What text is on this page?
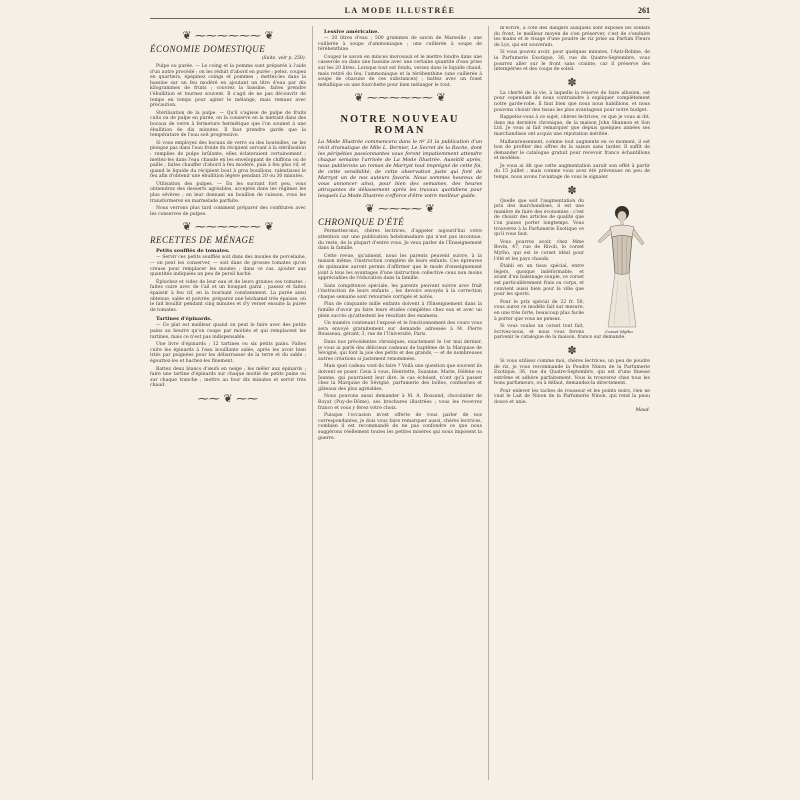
LA MODE ILLUSTRÉE	261
❦ ⁓⁓⁓⁓⁓⁓ ❦
ÉCONOMIE DOMESTIQUE
(Suite, voir p. 250).

Pulpe ou purée. — Le coing et la pomme sont préparés à l'aide d'un autre procédé : on les réduit d'abord en purée ; pelez, coupez en quartiers, épépinez coings et pommes ; mettez-les dans la bassine sur un feu modéré en ajoutant un litre d'eau par dix kilogrammes de fruits ; couvrez la bassine, faites prendre l'ébullition et tournez souvent. Il s'agit de ne pas découvrir de temps en temps pour agiter le mélange, mais remuez avec précaution.

Stérilisation de la pulpe. — Qu'il s'agisse de pulpe de fruits cuits ou de pulpe en purée, on la conserve en la mettant dans des bocaux de verre à fermeture hermétique que l'on soumet à une ébullition de dix minutes. Il faut prendre garde que la température de l'eau soit progressive.

Si vous employez des bocaux de verre ou des bouteilles, ne les plongez pas dans l'eau froide du récipient servant à la stérilisation : remplies de pulpe brûlante, elles éclateraient certainement ; mettez-les dans l'eau chaude en les enveloppant de chiffons ou de paille ; faites chauffer d'abord à feu modéré, puis à feu plus vif, et quand le liquide du récipient bout à gros bouillons, ralentissez le feu afin d'obtenir une ébullition légère pendant 20 ou 30 minutes.

Utilisation des pulpes. — En les sucrant fort peu, vous obtiendrez des desserts agréables, acceptés dans les régimes les plus sévères ; en leur donnant un bouillon de cuisson, vous les transformerez en marmelade parfaite.

Nous verrons plus tard comment préparer des confitures avec les conserves de pulpes.

❦ ⁓⁓⁓⁓⁓⁓ ❦
RECETTES DE MÉNAGE
Petits soufflés de tomates.

— Servir ces petits soufflés soit dans des moules de porcelaine, — on peut les conserver, — soit dans de grosses tomates qu'on creuse pour remplacer les moules ; dans ce cas, ajouter aux quantités indiquées un peu de persil haché.

Épluchez et videz de leur eau et de leurs graines ces tomates ; faites cuire avec de l'ail et un bouquet garni ; passez et faites épaissir à feu vif, en la tournant constamment. La purée ainsi obtenue, salée et poivrée, préparez une béchamel très épaisse, où le fait bouillir pendant cinq minutes et d'y verser ensuite la purée de tomates.

Tartines d'épinards.

— Ce plat est meilleur quand on peut le faire avec des petits pains au beurre qu'on coupe par moitiés et qui remplacent les tartines, mais ce n'est pas indispensable.

Une livre d'épinards ; 12 tartines ou six petits pains. Faites cuire les épinards à l'eau bouillante salée, après les avoir bien triés par poignées pour les débarrasser de la terre et du sable ; égouttez-les et hachez-les finement.

Battez deux blancs d'œufs en neige ; les mêler aux épinards ; faire une tartine d'épinards sur chaque moitié de petits pains ou sur chaque tranche ; mettre au four dix minutes et servir très chaud.

⁓⁓ ❦ ⁓⁓
Lessive américaine.

— 20 litres d'eau ; 500 grammes de savon de Marseille ; une cuillerée à soupe d'ammoniaque ; une cuillerée à soupe de térébenthine.

Coupez le savon en minces morceaux et le mettre fondre dans une casserole ou dans une bassine avec une certaine quantité d'eau prise sur les 20 litres. Lorsque tout est fondu, versez dans le liquide chaud, mais retiré du feu, l'ammoniaque et la térébenthine (une cuillerée à soupe de chacune de ces substances) ; battez avec un fouet métallique ou une fourchette pour bien mélanger le tout.

❦ ⁓⁓⁓⁓⁓⁓ ❦
NOTRE NOUVEAU ROMAN

La Mode Illustrée commencera dans le nº 31 la publication d'un récit dramatique de Mlle L. Bernier, Le Secret de la Roche, dont les péripéties passionnantes vous feront impatiemment attendre chaque semaine l'arrivée de La Mode Illustrée. Aussitôt après, nous publierons un roman de Marryst tout imprégné de cette foi, de cette sensibilité, de cette observation juste qui font de Marryst un de nos auteurs favoris. Nous sommes heureux de vous annoncer ainsi, pour bien des semaines, des heures attrayantes de délassement après les travaux quotidiens pour lesquels La Mode Illustrée s'efforce d'être votre meilleur guide.

❦ ⁓⁓⁓⁓ ❦
CHRONIQUE D'ÉTÉ

Permettez-moi, chères lectrices, d'appeler aujourd'hui votre attention sur une publication hebdomadaire qui n'est pas inconnue, du reste, de la plupart d'entre vous. Je veux parler de l'Enseignement dans la famille.

Cette revue, qu'aiment, nous les parents peuvent suivre, à la maison même, l'instruction complète de leurs enfants. Ces épreuves de quinzaine auront permis d'affirmer que le mode d'enseignement joint à tous les avantages d'une instruction collective ceux non moins appréciables de l'éducation dans la famille.

Sans compétence spéciale, les parents peuvent suivre avec fruit l'instruction de leurs enfants ; les devoirs envoyés à la correction chaque semaine sont retournés corrigés et notés.

Plus de cinquante mille enfants doivent à l'Enseignement dans la famille d'avoir pu faire leurs études complètes chez eux et avec un plein succès qu'attestent les résultats des examens.

Un numéro contenant l'exposé et le fonctionnement des cours vous sera envoyé gratuitement sur demande adressée à M. Pierre Rousseau, gérant, 3, rue de l'Université, Paris.

Dans nos précédentes chroniques, exactement le 1er mai dernier, je vous ai parlé des délicieux cadeaux de baptême de la Marquise de Sévigné, qui font la joie des petits et des grands, — et de nombreuses autres créations si justement renommées.

Mais quel cadeau vont-ils faire ? Voilà une question que souvent ils doivent se poser. Ceux à vous, Henriette, Suzanne, Marie, Hélène ou Jeanne, qui pourraient leur dire, le cas échéant, n'ont qu'à passer chez la Marquise de Sévigné, parfumerie des boîtes, confiseries et gâteaux des plus agréables.

Nous pouvons aussi demander à M. A. Bossand, chocolatier de Royat (Puy-de-Dôme), ses brochures illustrées ; vous les recevrez franco et vous y ferez votre choix.

Puisque l'occasion m'est offerte de vous parler de nos correspondantes, je dois vous faire remarquer aussi, chères lectrices, combien il est recommandé de ne pas confondre ce que nous suggérons réellement toutes les petites misères qui nous imposent la guerre.

m'écrire, à côté des dangers auxquels sont exposés les soldats du front, le meilleur moyen de s'en préserver, c'est de s'enduire les mains et le visage d'une poudre de riz prise au Parfum Fleurs de Lys, qui est souverain.

Si vous pouvez avoir, pour quelques minutes, l'Anti-Bobine, de la Parfumerie Exotique, 36, rue du Quatre-Septembre, vous pourrez aller sur le front sans crainte, car il préserve des intempéries et des coups de soleil.

✽

La cherté de la vie, à laquelle la réserve de faire allusion, est pour cependant de nous contraindre à expliquer complètement notre garde-robe. Il faut bien que nous nous habillions, et nous pouvons choisir des tissus les plus avantageux pour notre budget.

Rappelez-vous à ce sujet, chères lectrices, ce que je vous ai dit, dans ma dernière chronique, de la maison John Shannon et Son Ltd. Je vous ai fait remarquer que depuis quelques années ses marchandises ont acquis une réputation méritée.

Malheureusement, comme tout augmente en ce moment, il est bon de profiter des offres de la saison sans tarder. Il suffit de demander le catalogue gratuit pour recevoir franco échantillons et modèles.

Je vous ai dit que cette augmentation aurait son effet à partir du 15 juillet ; mais comme vous avez été prévenues en peu de temps, nous avons l'avantage de vous le signaler.

✽
Corset Mytho

Quelle que soit l'augmentation du prix des marchandises, il est une manière de faire des économies : c'est de choisir des articles de qualité que l'on puisse porter longtemps. Vous trouverez à la Parfumerie Exotique ce qu'il vous faut.

Vous pourrez avoir, chez Mme Bovin, 47, rue de Rivoli, le corset Mytho, qui est le corset idéal pour l'été et les pays chauds.

Établi en un tissu spécial, entre légers, quoique indéformable, et avant d'un baleinage souple, ce corset est particulièrement frais ou corps, et convient aussi bien pour la ville que pour les sports.

Pour le prix spécial de 22 fr. 50, vous aurez ce modèle fait sur mesure, en une très forte, beaucoup plus facile à porter que vous ne pensez.

Si vous voulez un corset tout fait, écrivez-nous, et nous vous ferons parvenir le catalogue de la maison, franco sur demande.

✽

Si vous utilisez comme moi, chères lectrices, un peu de poudre de riz, je vous recommande la Poudre Ninon de la Parfumerie Exotique, 36, rue du Quatre-Septembre, qui est d'une finesse extrême et adhère parfaitement. Vous la trouverez chez tous les bons parfumeurs, ou à défaut, demandez-la directement.

Pour enlever les taches de rousseur et les points noirs, rien ne vaut le Lait de Ninon de la Parfumerie Ninon, qui rend la peau douce et unie.

Maud.
